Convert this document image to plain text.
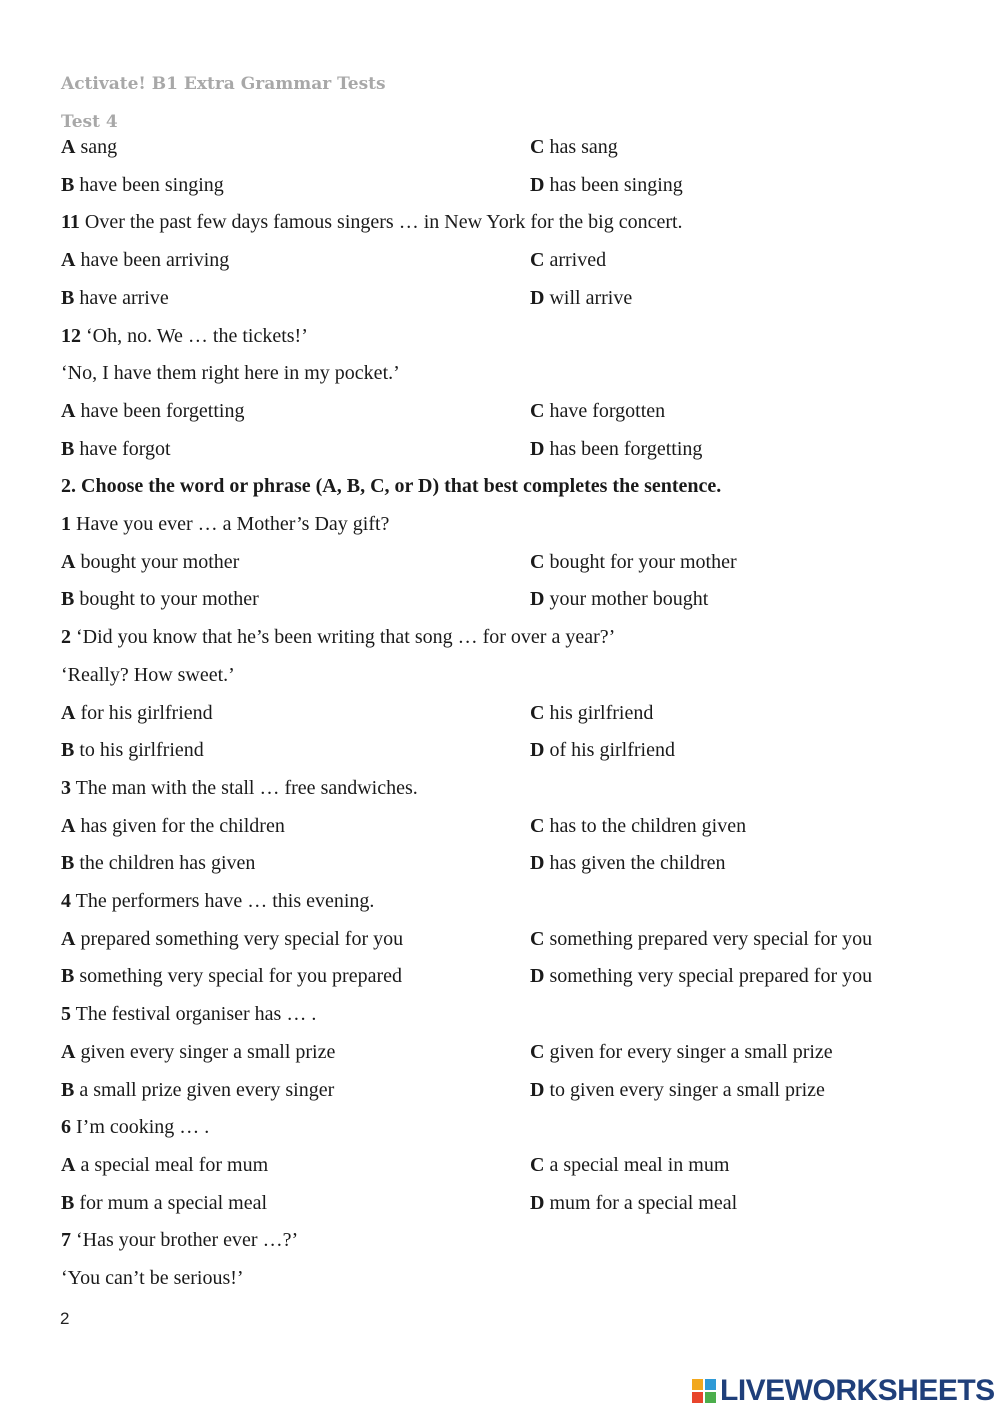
Activate! B1 Extra Grammar Tests
Test 4
A sang	C has sang
B have been singing	D has been singing
11 Over the past few days famous singers … in New York for the big concert.
A have been arriving	C arrived
B have arrive	D will arrive
12 ‘Oh, no. We … the tickets!’
‘No, I have them right here in my pocket.’
A have been forgetting	C have forgotten
B have forgot	D has been forgetting
2. Choose the word or phrase (A, B, C, or D) that best completes the sentence.
1 Have you ever … a Mother’s Day gift?
A bought your mother	C bought for your mother
B bought to your mother	D your mother bought
2 ‘Did you know that he’s been writing that song … for over a year?’
‘Really? How sweet.’
A for his girlfriend	C his girlfriend
B to his girlfriend	D of his girlfriend
3 The man with the stall … free sandwiches.
A has given for the children	C has to the children given
B the children has given	D has given the children
4 The performers have … this evening.
A prepared something very special for you	C something prepared very special for you
B something very special for you prepared	D something very special prepared for you
5 The festival organiser has … .
A given every singer a small prize	C given for every singer a small prize
B a small prize given every singer	D to given every singer a small prize
6 I’m cooking … .
A a special meal for mum	C a special meal in mum
B for mum a special meal	D mum for a special meal
7 ‘Has your brother ever …?’
‘You can’t be serious!’
2
LIVEWORKSHEETS
